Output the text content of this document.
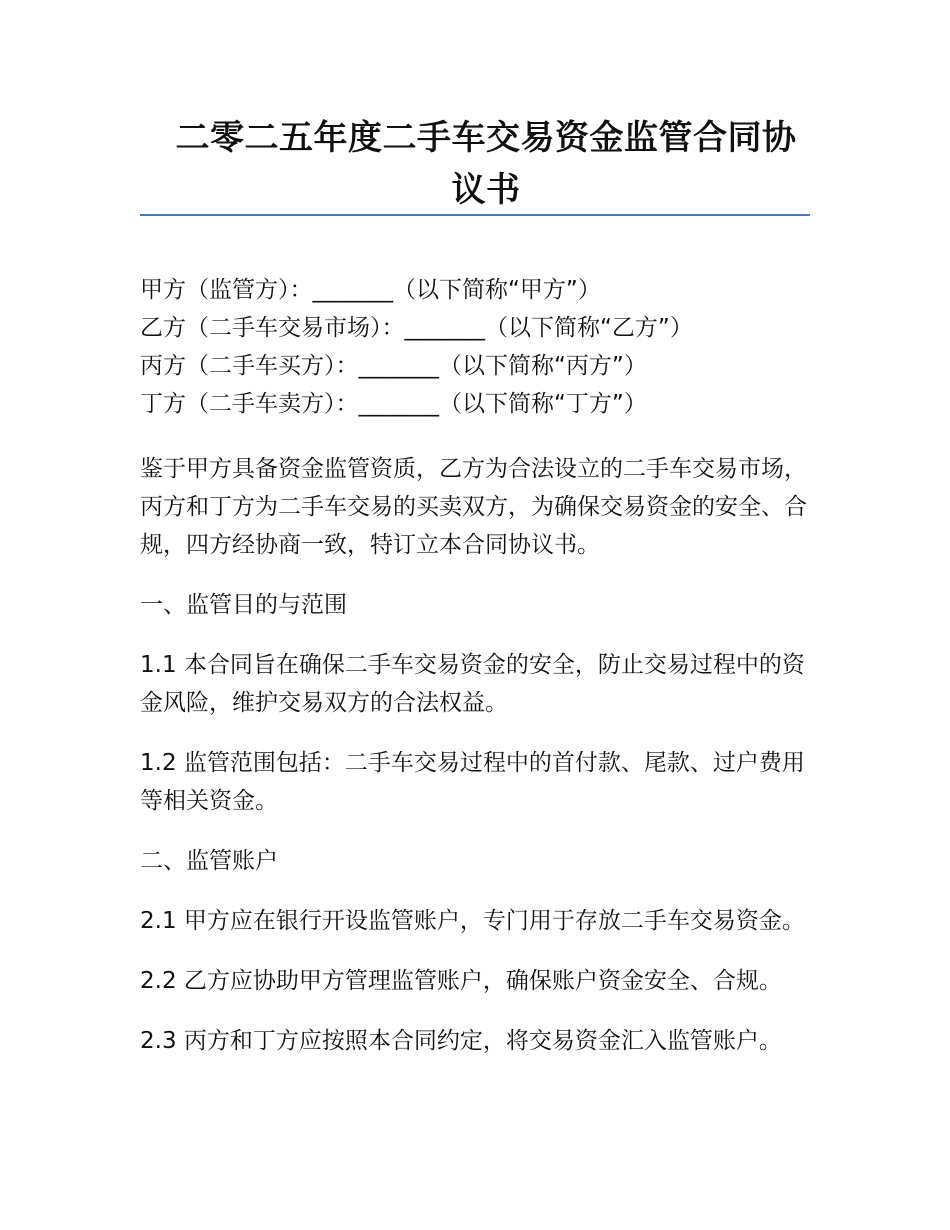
二零二五年度二手车交易资金监管合同协
议书
甲方（监管方）：_______（以下简称“甲方”）
乙方（二手车交易市场）：_______（以下简称“乙方”）
丙方（二手车买方）：_______（以下简称“丙方”）
丁方（二手车卖方）：_______（以下简称“丁方”）

鉴于甲方具备资金监管资质，乙方为合法设立的二手车交易市场，丙方和丁方为二手车交易的买卖双方，为确保交易资金的安全、合规，四方经协商一致，特订立本合同协议书。

一、监管目的与范围

1.1 本合同旨在确保二手车交易资金的安全，防止交易过程中的资金风险，维护交易双方的合法权益。

1.2 监管范围包括：二手车交易过程中的首付款、尾款、过户费用等相关资金。

二、监管账户

2.1 甲方应在银行开设监管账户，专门用于存放二手车交易资金。

2.2 乙方应协助甲方管理监管账户，确保账户资金安全、合规。

2.3 丙方和丁方应按照本合同约定，将交易资金汇入监管账户。
